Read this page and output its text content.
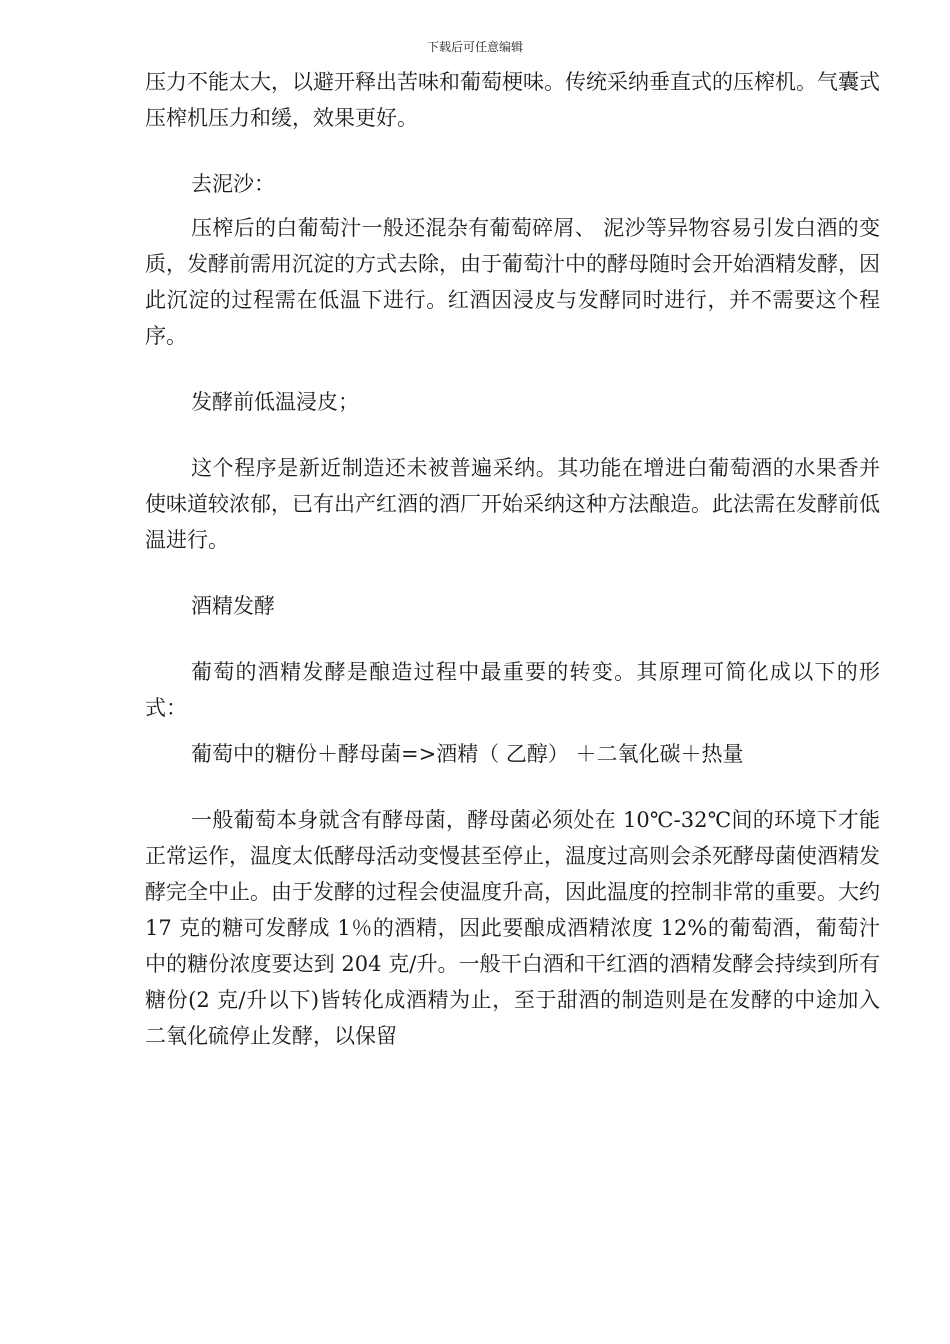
下载后可任意编辑

压力不能太大，以避开释出苦味和葡萄梗味。传统采纳垂直式的压榨机。气囊式压榨机压力和缓，效果更好。

去泥沙：

压榨后的白葡萄汁一般还混杂有葡萄碎屑、 泥沙等异物容易引发白酒的变质，发酵前需用沉淀的方式去除，由于葡萄汁中的酵母随时会开始酒精发酵，因此沉淀的过程需在低温下进行。红酒因浸皮与发酵同时进行，并不需要这个程序。

发酵前低温浸皮；

这个程序是新近制造还未被普遍采纳。其功能在增进白葡萄酒的水果香并使味道较浓郁，已有出产红酒的酒厂开始采纳这种方法酿造。此法需在发酵前低温进行。

酒精发酵

葡萄的酒精发酵是酿造过程中最重要的转变。其原理可简化成以下的形式：

葡萄中的糖份＋酵母菌=>酒精（ 乙醇） ＋二氧化碳＋热量

一般葡萄本身就含有酵母菌，酵母菌必须处在 10℃-32℃间的环境下才能正常运作，温度太低酵母活动变慢甚至停止，温度过高则会杀死酵母菌使酒精发酵完全中止。由于发酵的过程会使温度升高，因此温度的控制非常的重要。大约 17 克的糖可发酵成 1％的酒精，因此要酿成酒精浓度 12%的葡萄酒，葡萄汁中的糖份浓度要达到 204 克/升。一般干白酒和干红酒的酒精发酵会持续到所有糖份(2 克/升以下)皆转化成酒精为止，至于甜酒的制造则是在发酵的中途加入二氧化硫停止发酵，以保留
